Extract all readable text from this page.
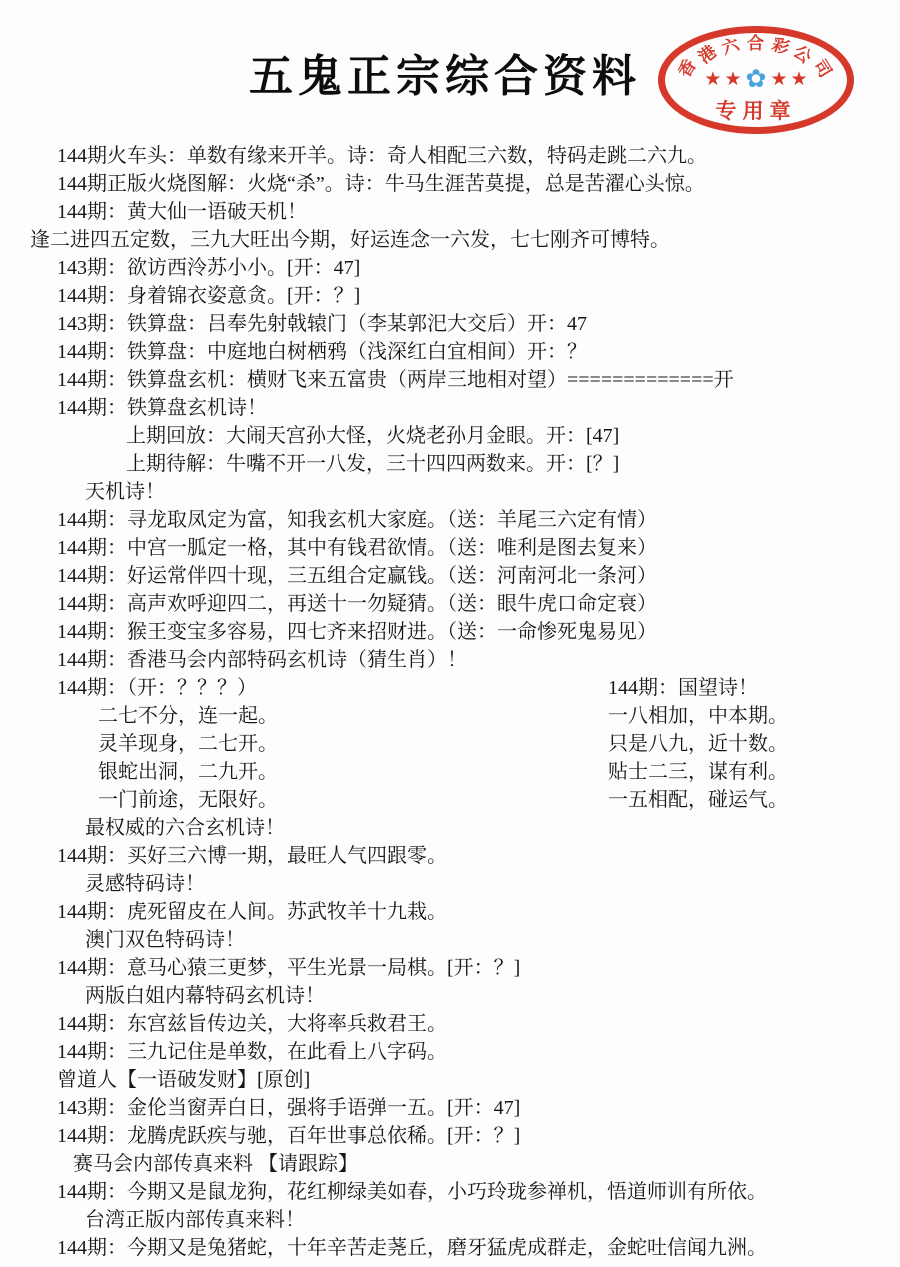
五鬼正宗综合资料	香
港 六 合 彩
公
司
★ ★ ✿ ★ ★
专用章
144期火车头：单数有缘来开羊。诗：奇人相配三六数，特码走跳二六九。
144期正版火烧图解：火烧“杀”。诗：牛马生涯苦莫提，总是苦濯心头惊。
144期：黄大仙一语破天机！
逢二进四五定数，三九大旺出今期，好运连念一六发，七七刚齐可博特。
143期：欲访西泠苏小小。[开：47]
144期：身着锦衣姿意贪。[开：？]
143期：铁算盘：吕奉先射戟辕门（李某郭汜大交后）开：47
144期：铁算盘：中庭地白树栖鸦（浅深红白宜相间）开：？
144期：铁算盘玄机：横财飞来五富贵（两岸三地相对望）=============开
144期：铁算盘玄机诗！
上期回放：大闹天宫孙大怪，火烧老孙月金眼。开：[47]
上期待解：牛嘴不开一八发，三十四四两数来。开：[？]
天机诗！
144期：寻龙取凤定为富，知我玄机大家庭。（送：羊尾三六定有情）
144期：中宫一胍定一格，其中有钱君欲情。（送：唯利是图去复来）
144期：好运常伴四十现，三五组合定赢钱。（送：河南河北一条河）
144期：高声欢呼迎四二，再送十一勿疑猜。（送：眼牛虎口命定衰）
144期：猴王变宝多容易，四七齐来招财进。（送：一命惨死鬼易见）
144期：香港马会内部特码玄机诗（猜生肖）！
144期：（开：？？？）
二七不分，连一起。
灵羊现身，二七开。
银蛇出洞，二九开。
一门前途，无限好。
144期：国望诗！
一八相加，中本期。
只是八九，近十数。
贴士二三，谋有利。
一五相配，碰运气。
最权威的六合玄机诗！
144期：买好三六博一期，最旺人气四跟零。
灵感特码诗！
144期：虎死留皮在人间。苏武牧羊十九栽。
澳门双色特码诗！
144期：意马心猿三更梦，平生光景一局棋。[开：？]
两版白姐内幕特码玄机诗！
144期：东宫兹旨传边关，大将率兵救君王。
144期：三九记住是单数，在此看上八字码。
曾道人【一语破发财】[原创]
143期：金伦当窗弄白日，强将手语弹一五。[开：47]
144期：龙腾虎跃疾与驰，百年世事总依稀。[开：？]
赛马会内部传真来料 【请跟踪】
144期：今期又是鼠龙狗，花红柳绿美如春，小巧玲珑参禅机，悟道师训有所依。
台湾正版内部传真来料！
144期：今期又是兔猪蛇，十年辛苦走荛丘，磨牙猛虎成群走，金蛇吐信闻九洲。
